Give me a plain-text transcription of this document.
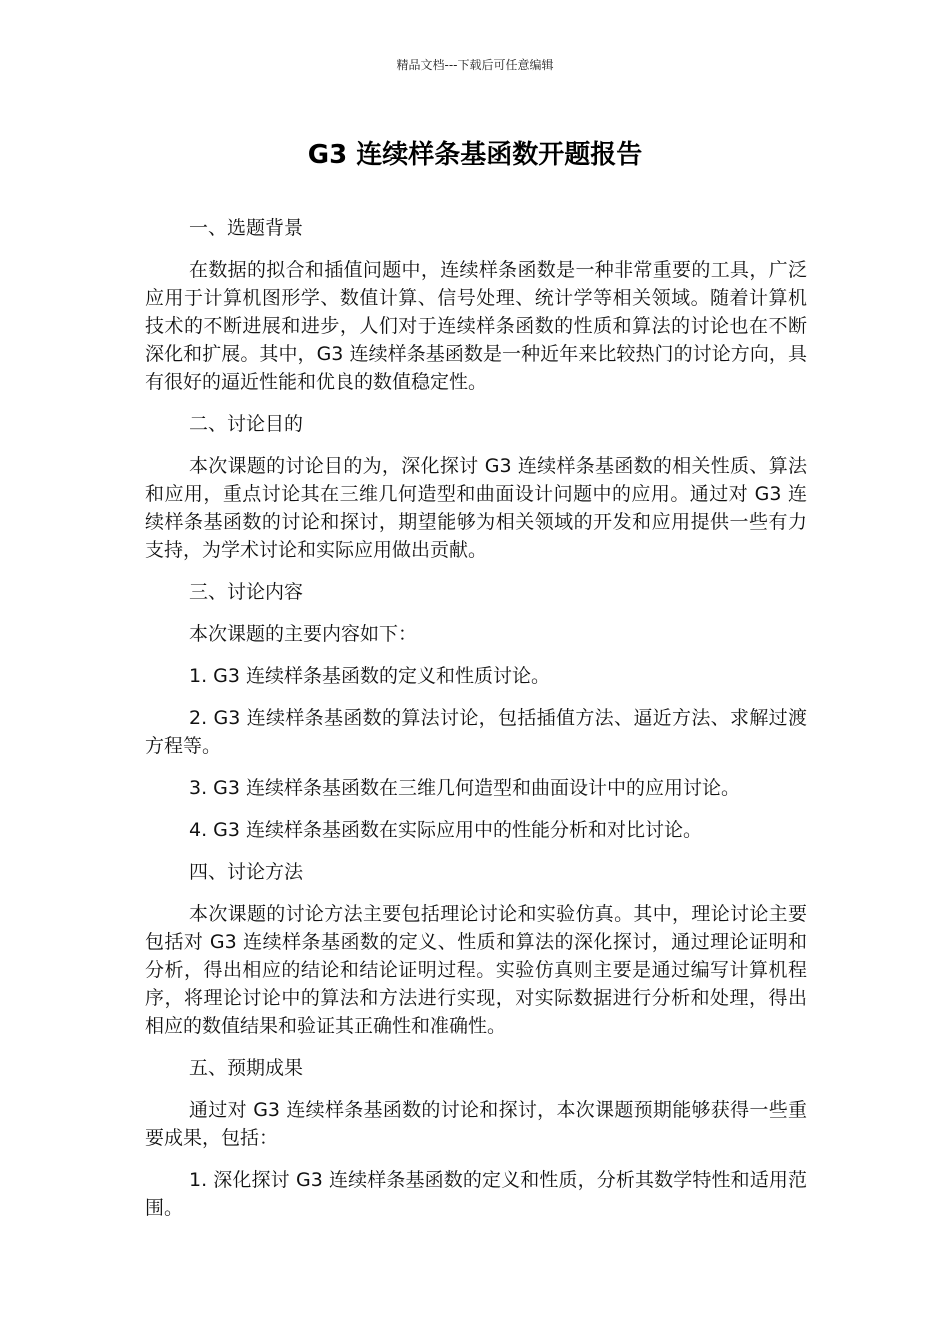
精品文档---下载后可任意编辑
G3 连续样条基函数开题报告

一、选题背景

在数据的拟合和插值问题中，连续样条函数是一种非常重要的工具，广泛应用于计算机图形学、数值计算、信号处理、统计学等相关领域。随着计算机技术的不断进展和进步，人们对于连续样条函数的性质和算法的讨论也在不断深化和扩展。其中，G3 连续样条基函数是一种近年来比较热门的讨论方向，具有很好的逼近性能和优良的数值稳定性。

二、讨论目的

本次课题的讨论目的为，深化探讨 G3 连续样条基函数的相关性质、算法和应用，重点讨论其在三维几何造型和曲面设计问题中的应用。通过对 G3 连续样条基函数的讨论和探讨，期望能够为相关领域的开发和应用提供一些有力支持，为学术讨论和实际应用做出贡献。

三、讨论内容

本次课题的主要内容如下：

1. G3 连续样条基函数的定义和性质讨论。

2. G3 连续样条基函数的算法讨论，包括插值方法、逼近方法、求解过渡方程等。

3. G3 连续样条基函数在三维几何造型和曲面设计中的应用讨论。

4. G3 连续样条基函数在实际应用中的性能分析和对比讨论。

四、讨论方法

本次课题的讨论方法主要包括理论讨论和实验仿真。其中，理论讨论主要包括对 G3 连续样条基函数的定义、性质和算法的深化探讨，通过理论证明和分析，得出相应的结论和结论证明过程。实验仿真则主要是通过编写计算机程序，将理论讨论中的算法和方法进行实现，对实际数据进行分析和处理，得出相应的数值结果和验证其正确性和准确性。

五、预期成果

通过对 G3 连续样条基函数的讨论和探讨，本次课题预期能够获得一些重要成果，包括：

1. 深化探讨 G3 连续样条基函数的定义和性质，分析其数学特性和适用范围。
